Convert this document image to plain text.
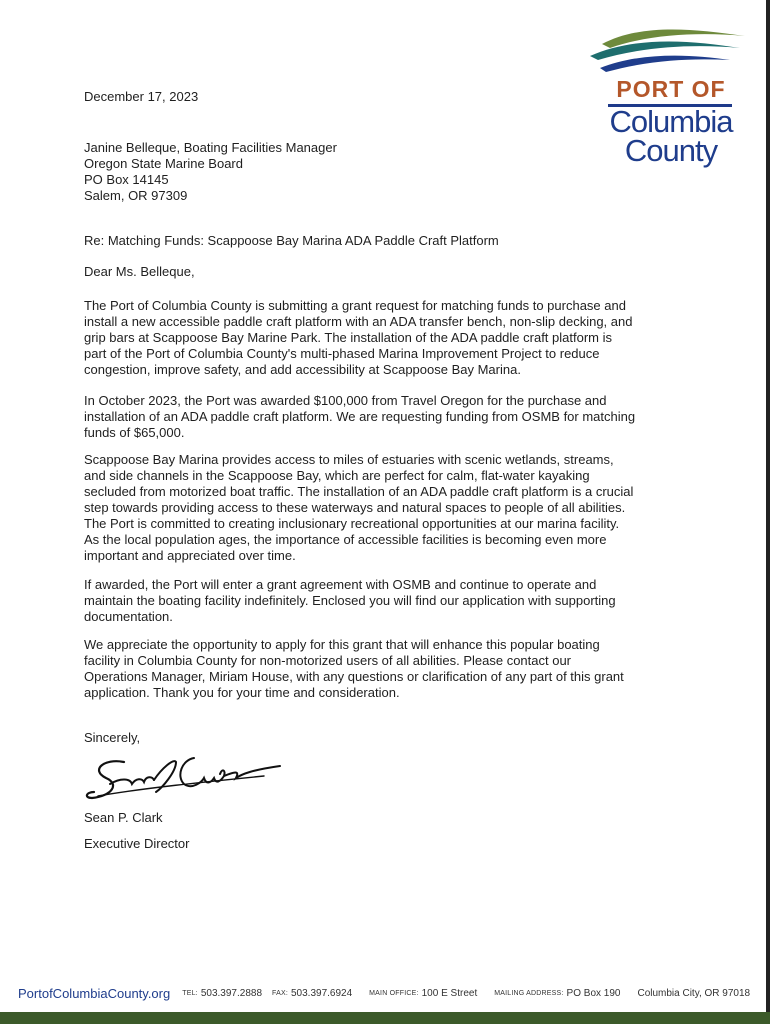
PORT OF
Columbia
County
December 17, 2023
Janine Belleque, Boating Facilities Manager
Oregon State Marine Board
PO Box 14145
Salem, OR 97309
Re: Matching Funds: Scappoose Bay Marina ADA Paddle Craft Platform
Dear Ms. Belleque,
The Port of Columbia County is submitting a grant request for matching funds to purchase and
install a new accessible paddle craft platform with an ADA transfer bench, non-slip decking, and
grip bars at Scappoose Bay Marine Park. The installation of the ADA paddle craft platform is
part of the Port of Columbia County's multi-phased Marina Improvement Project to reduce
congestion, improve safety, and add accessibility at Scappoose Bay Marina.
In October 2023, the Port was awarded $100,000 from Travel Oregon for the purchase and
installation of an ADA paddle craft platform. We are requesting funding from OSMB for matching
funds of $65,000.
Scappoose Bay Marina provides access to miles of estuaries with scenic wetlands, streams,
and side channels in the Scappoose Bay, which are perfect for calm, flat-water kayaking
secluded from motorized boat traffic. The installation of an ADA paddle craft platform is a crucial
step towards providing access to these waterways and natural spaces to people of all abilities.
The Port is committed to creating inclusionary recreational opportunities at our marina facility.
As the local population ages, the importance of accessible facilities is becoming even more
important and appreciated over time.
If awarded, the Port will enter a grant agreement with OSMB and continue to operate and
maintain the boating facility indefinitely. Enclosed you will find our application with supporting
documentation.
We appreciate the opportunity to apply for this grant that will enhance this popular boating
facility in Columbia County for non-motorized users of all abilities. Please contact our
Operations Manager, Miriam House, with any questions or clarification of any part of this grant
application. Thank you for your time and consideration.
Sincerely,
Sean P. Clark
Executive Director
PortofColumbiaCounty.org TEL: 503.397.2888 FAX: 503.397.6924 MAIN OFFICE: 100 E Street MAILING ADDRESS: PO Box 190 Columbia City, OR 97018
